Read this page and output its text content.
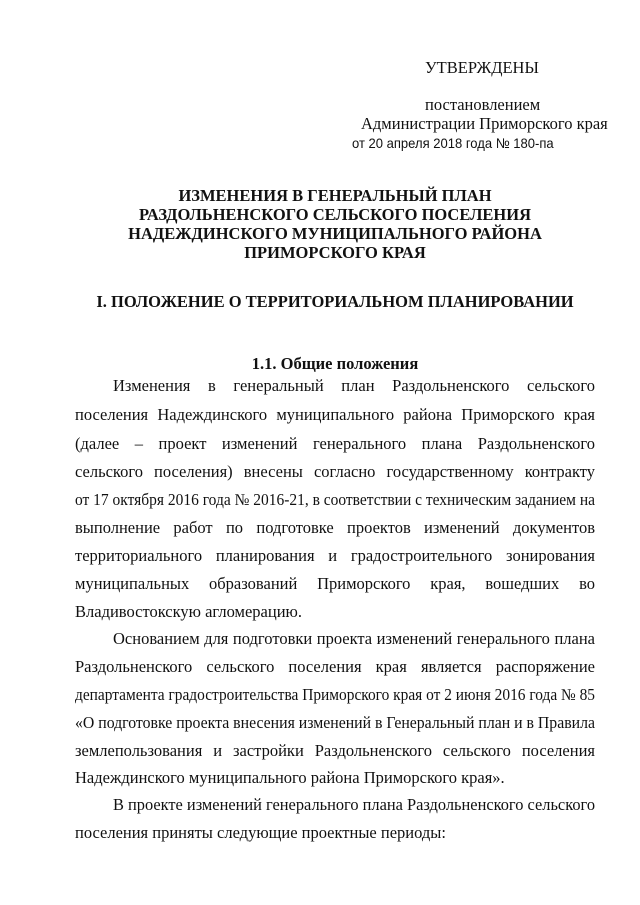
УТВЕРЖДЕНЫ
постановлением
Администрации Приморского края
от 20 апреля 2018 года № 180-па
ИЗМЕНЕНИЯ В ГЕНЕРАЛЬНЫЙ ПЛАН
РАЗДОЛЬНЕНСКОГО СЕЛЬСКОГО ПОСЕЛЕНИЯ
НАДЕЖДИНСКОГО МУНИЦИПАЛЬНОГО РАЙОНА
ПРИМОРСКОГО КРАЯ
I. ПОЛОЖЕНИЕ О ТЕРРИТОРИАЛЬНОМ ПЛАНИРОВАНИИ
1.1. Общие положения
Изменения в генеральный план Раздольненского сельского
поселения Надеждинского муниципального района Приморского края
(далее – проект изменений генерального плана Раздольненского
сельского поселения) внесены согласно государственному контракту
от 17 октября 2016 года № 2016-21, в соответствии с техническим заданием на
выполнение работ по подготовке проектов изменений документов
территориального планирования и градостроительного зонирования
муниципальных образований Приморского края, вошедших во
Владивостокскую агломерацию.
Основанием для подготовки проекта изменений генерального плана
Раздольненского сельского поселения края является распоряжение
департамента градостроительства Приморского края от 2 июня 2016 года № 85
«О подготовке проекта внесения изменений в Генеральный план и в Правила
землепользования и застройки Раздольненского сельского поселения
Надеждинского муниципального района Приморского края».
В проекте изменений генерального плана Раздольненского сельского
поселения приняты следующие проектные периоды:
